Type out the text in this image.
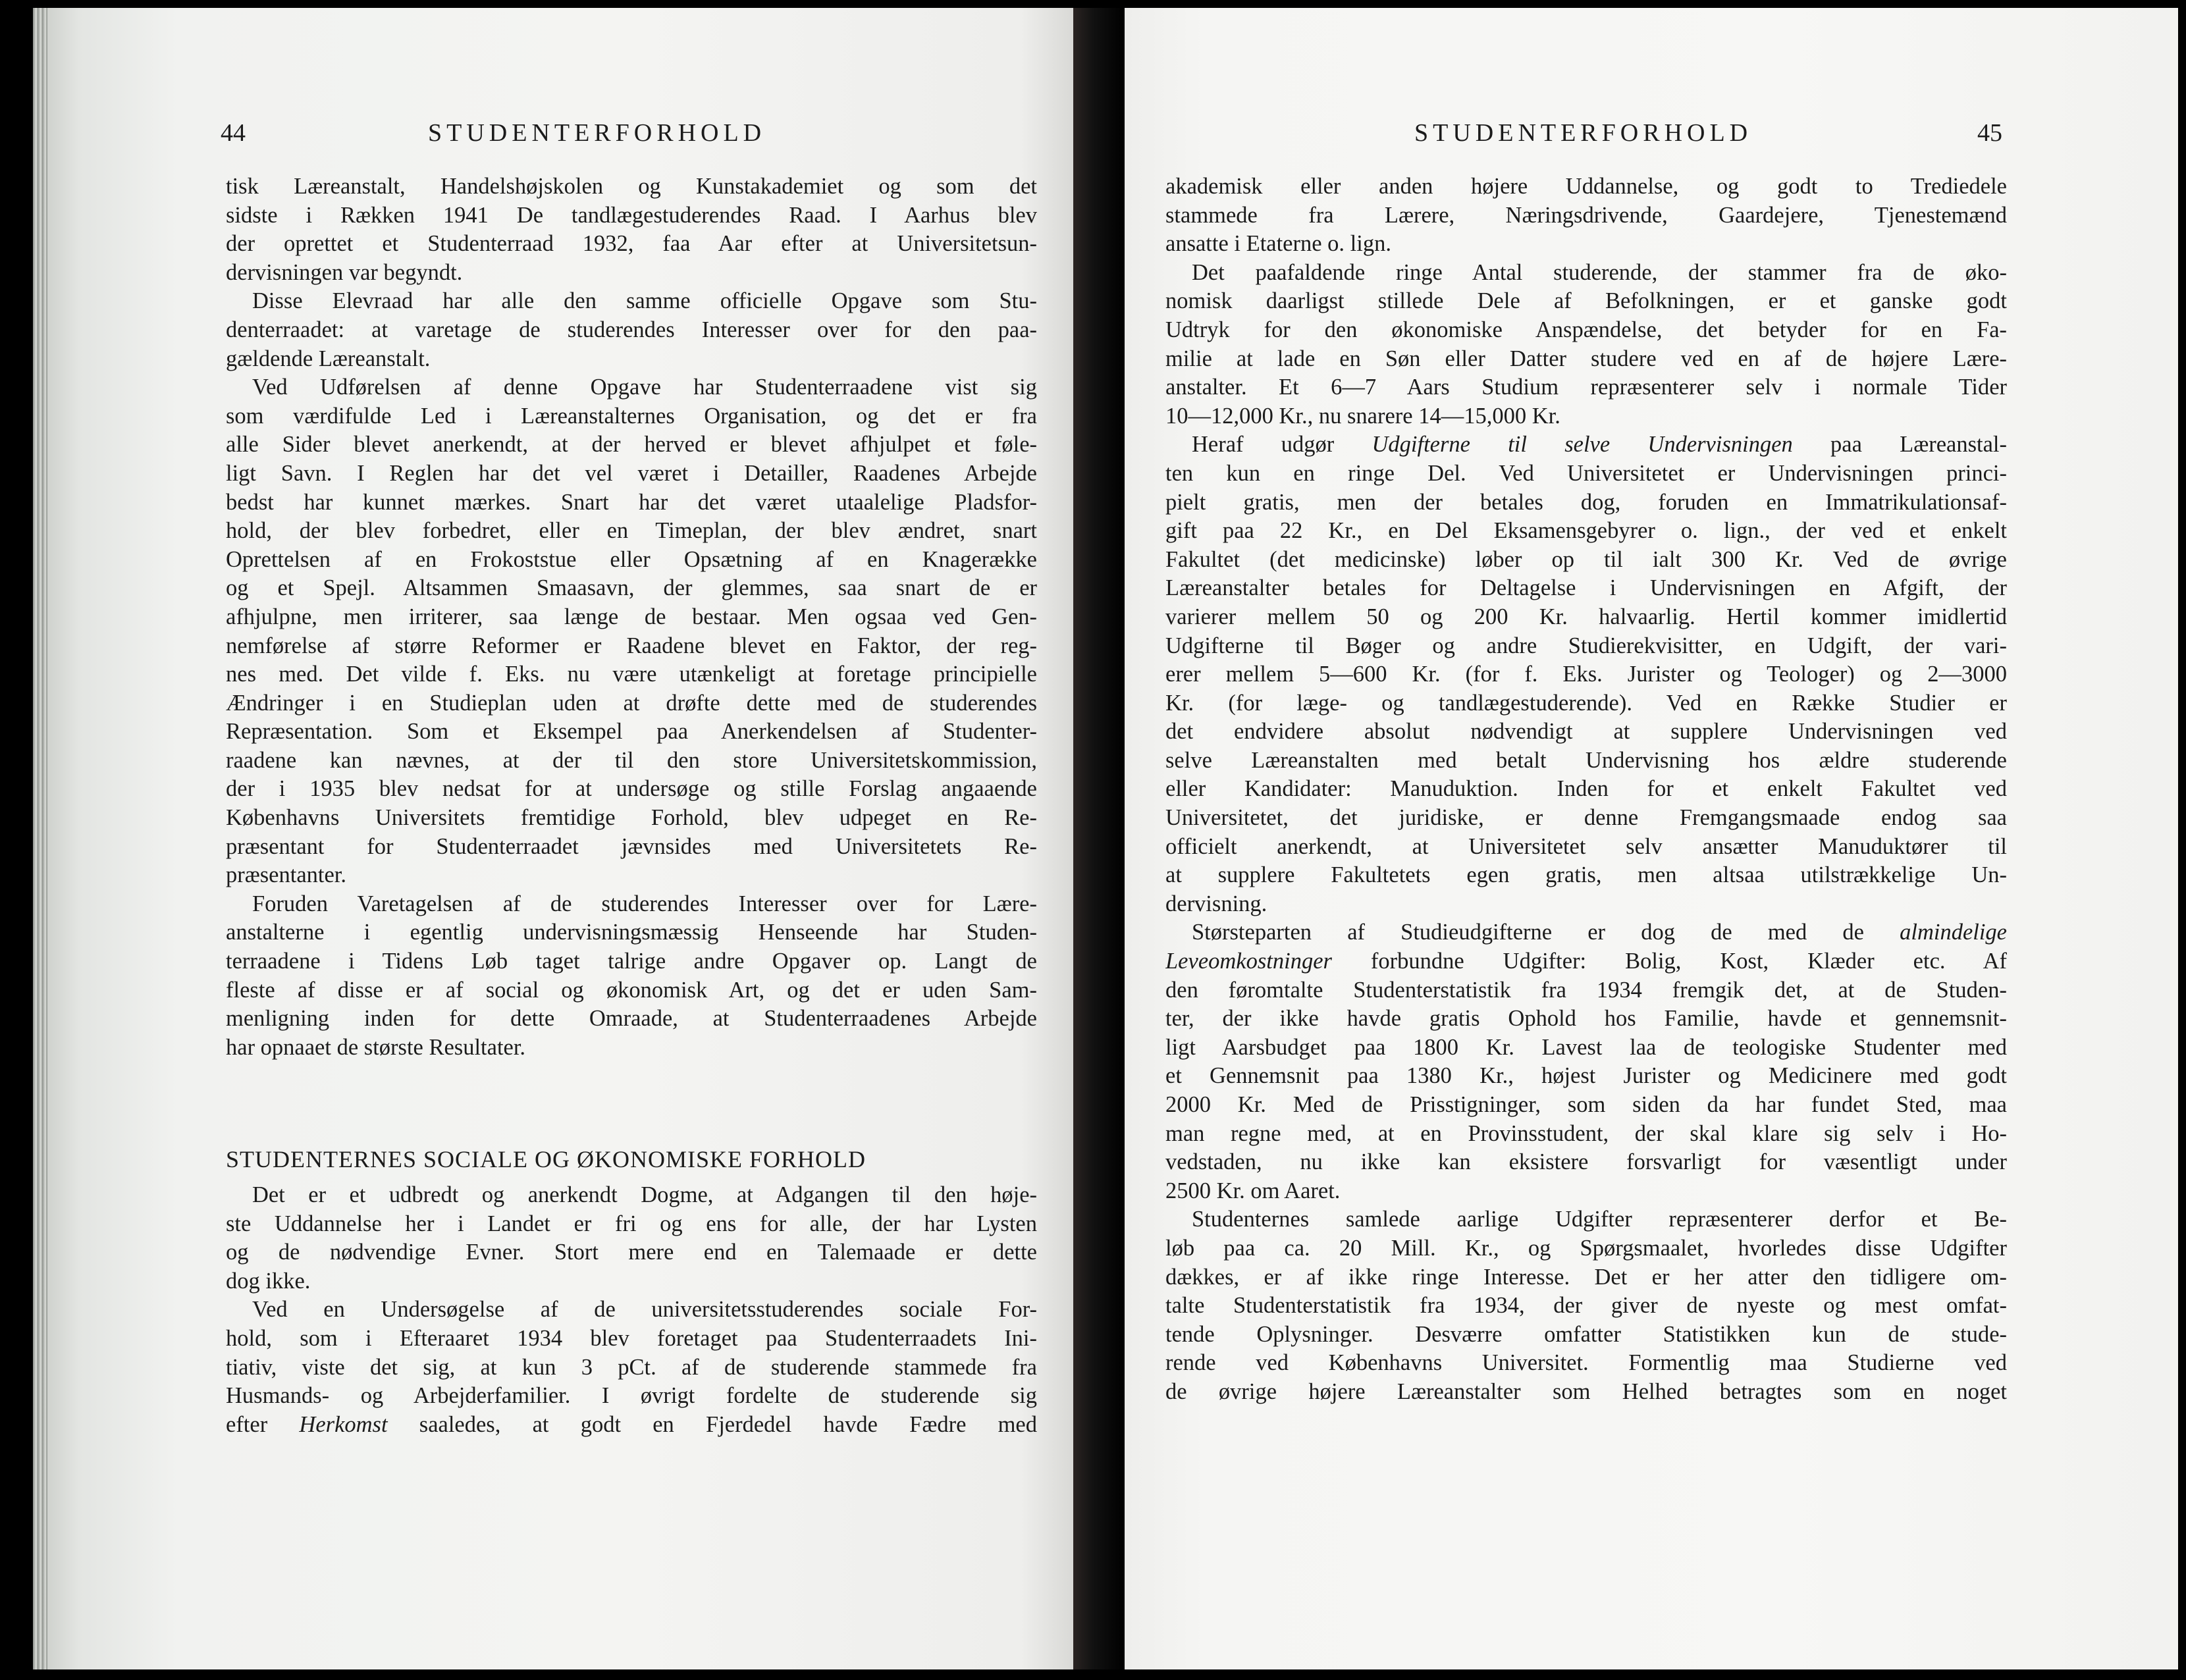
44	STUDENTERFORHOLD
tisk Læreanstalt, Handelshøjskolen og Kunstakademiet og som det
sidste i Rækken 1941 De tandlægestuderendes Raad. I Aarhus blev
der oprettet et Studenterraad 1932, faa Aar efter at Universitetsun-
dervisningen var begyndt.
Disse Elevraad har alle den samme officielle Opgave som Stu-
denterraadet: at varetage de studerendes Interesser over for den paa-
gældende Læreanstalt.
Ved Udførelsen af denne Opgave har Studenterraadene vist sig
som værdifulde Led i Læreanstalternes Organisation, og det er fra
alle Sider blevet anerkendt, at der herved er blevet afhjulpet et føle-
ligt Savn. I Reglen har det vel været i Detailler, Raadenes Arbejde
bedst har kunnet mærkes. Snart har det været utaalelige Pladsfor-
hold, der blev forbedret, eller en Timeplan, der blev ændret, snart
Oprettelsen af en Frokoststue eller Opsætning af en Knagerække
og et Spejl. Altsammen Smaasavn, der glemmes, saa snart de er
afhjulpne, men irriterer, saa længe de bestaar. Men ogsaa ved Gen-
nemførelse af større Reformer er Raadene blevet en Faktor, der reg-
nes med. Det vilde f. Eks. nu være utænkeligt at foretage principielle
Ændringer i en Studieplan uden at drøfte dette med de studerendes
Repræsentation. Som et Eksempel paa Anerkendelsen af Studenter-
raadene kan nævnes, at der til den store Universitetskommission,
der i 1935 blev nedsat for at undersøge og stille Forslag angaaende
Københavns Universitets fremtidige Forhold, blev udpeget en Re-
præsentant for Studenterraadet jævnsides med Universitetets Re-
præsentanter.
Foruden Varetagelsen af de studerendes Interesser over for Lære-
anstalterne i egentlig undervisningsmæssig Henseende har Studen-
terraadene i Tidens Løb taget talrige andre Opgaver op. Langt de
fleste af disse er af social og økonomisk Art, og det er uden Sam-
menligning inden for dette Omraade, at Studenterraadenes Arbejde
har opnaaet de største Resultater.
STUDENTERNES SOCIALE OG ØKONOMISKE FORHOLD
Det er et udbredt og anerkendt Dogme, at Adgangen til den høje-
ste Uddannelse her i Landet er fri og ens for alle, der har Lysten
og de nødvendige Evner. Stort mere end en Talemaade er dette
dog ikke.
Ved en Undersøgelse af de universitetsstuderendes sociale For-
hold, som i Efteraaret 1934 blev foretaget paa Studenterraadets Ini-
tiativ, viste det sig, at kun 3 pCt. af de studerende stammede fra
Husmands- og Arbejderfamilier. I øvrigt fordelte de studerende sig
efter Herkomst saaledes, at godt en Fjerdedel havde Fædre med
STUDENTERFORHOLD	45
akademisk eller anden højere Uddannelse, og godt to Trediedele
stammede fra Lærere, Næringsdrivende, Gaardejere, Tjenestemænd
ansatte i Etaterne o. lign.
Det paafaldende ringe Antal studerende, der stammer fra de øko-
nomisk daarligst stillede Dele af Befolkningen, er et ganske godt
Udtryk for den økonomiske Anspændelse, det betyder for en Fa-
milie at lade en Søn eller Datter studere ved en af de højere Lære-
anstalter. Et 6—7 Aars Studium repræsenterer selv i normale Tider
10—12,000 Kr., nu snarere 14—15,000 Kr.
Heraf udgør Udgifterne til selve Undervisningen paa Læreanstal-
ten kun en ringe Del. Ved Universitetet er Undervisningen princi-
pielt gratis, men der betales dog, foruden en Immatrikulationsaf-
gift paa 22 Kr., en Del Eksamensgebyrer o. lign., der ved et enkelt
Fakultet (det medicinske) løber op til ialt 300 Kr. Ved de øvrige
Læreanstalter betales for Deltagelse i Undervisningen en Afgift, der
varierer mellem 50 og 200 Kr. halvaarlig. Hertil kommer imidlertid
Udgifterne til Bøger og andre Studierekvisitter, en Udgift, der vari-
erer mellem 5—600 Kr. (for f. Eks. Jurister og Teologer) og 2—3000
Kr. (for læge- og tandlægestuderende). Ved en Række Studier er
det endvidere absolut nødvendigt at supplere Undervisningen ved
selve Læreanstalten med betalt Undervisning hos ældre studerende
eller Kandidater: Manuduktion. Inden for et enkelt Fakultet ved
Universitetet, det juridiske, er denne Fremgangsmaade endog saa
officielt anerkendt, at Universitetet selv ansætter Manuduktører til
at supplere Fakultetets egen gratis, men altsaa utilstrækkelige Un-
dervisning.
Størsteparten af Studieudgifterne er dog de med de almindelige
Leveomkostninger forbundne Udgifter: Bolig, Kost, Klæder etc. Af
den føromtalte Studenterstatistik fra 1934 fremgik det, at de Studen-
ter, der ikke havde gratis Ophold hos Familie, havde et gennemsnit-
ligt Aarsbudget paa 1800 Kr. Lavest laa de teologiske Studenter med
et Gennemsnit paa 1380 Kr., højest Jurister og Medicinere med godt
2000 Kr. Med de Prisstigninger, som siden da har fundet Sted, maa
man regne med, at en Provinsstudent, der skal klare sig selv i Ho-
vedstaden, nu ikke kan eksistere forsvarligt for væsentligt under
2500 Kr. om Aaret.
Studenternes samlede aarlige Udgifter repræsenterer derfor et Be-
løb paa ca. 20 Mill. Kr., og Spørgsmaalet, hvorledes disse Udgifter
dækkes, er af ikke ringe Interesse. Det er her atter den tidligere om-
talte Studenterstatistik fra 1934, der giver de nyeste og mest omfat-
tende Oplysninger. Desværre omfatter Statistikken kun de stude-
rende ved Københavns Universitet. Formentlig maa Studierne ved
de øvrige højere Læreanstalter som Helhed betragtes som en noget
